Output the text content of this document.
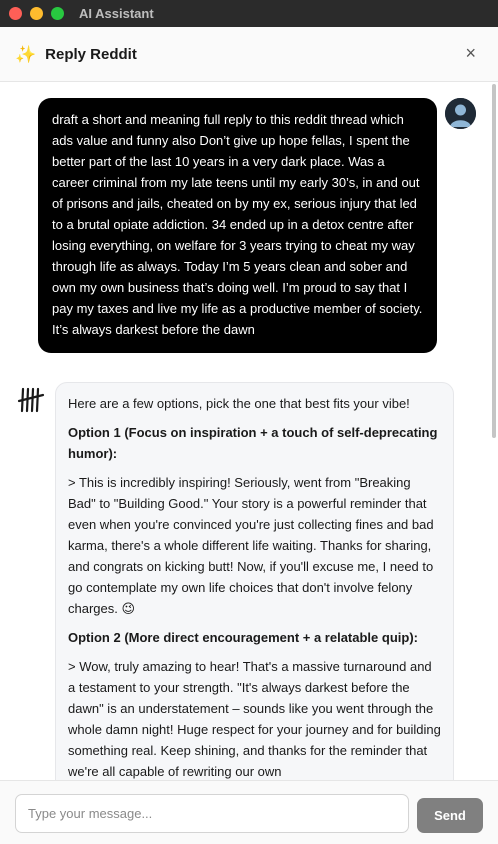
AI Assistant
✨ Reply Reddit	×
draft a short and meaning full reply to this reddit thread which ads value and funny also Don’t give up hope fellas, I spent the better part of the last 10 years in a very dark place. Was a career criminal from my late teens until my early 30’s, in and out of prisons and jails, cheated on by my ex, serious injury that led to a brutal opiate addiction. 34 ended up in a detox centre after losing everything, on welfare for 3 years trying to cheat my way through life as always. Today I’m 5 years clean and sober and own my own business that’s doing well. I’m proud to say that I pay my taxes and live my life as a productive member of society. It’s always darkest before the dawn

Here are a few options, pick the one that best fits your vibe!

Option 1 (Focus on inspiration + a touch of self-deprecating humor):

> This is incredibly inspiring! Seriously, went from "Breaking Bad" to "Building Good." Your story is a powerful reminder that even when you're convinced you're just collecting fines and bad karma, there's a whole different life waiting. Thanks for sharing, and congrats on kicking butt! Now, if you'll excuse me, I need to go contemplate my own life choices that don't involve felony charges. 😉

Option 2 (More direct encouragement + a relatable quip):

> Wow, truly amazing to hear! That's a massive turnaround and a testament to your strength. "It's always darkest before the dawn" is an understatement – sounds like you went through the whole damn night! Huge respect for your journey and for building something real. Keep shining, and thanks for the reminder that we're all capable of rewriting our own

Type your message...
Send
